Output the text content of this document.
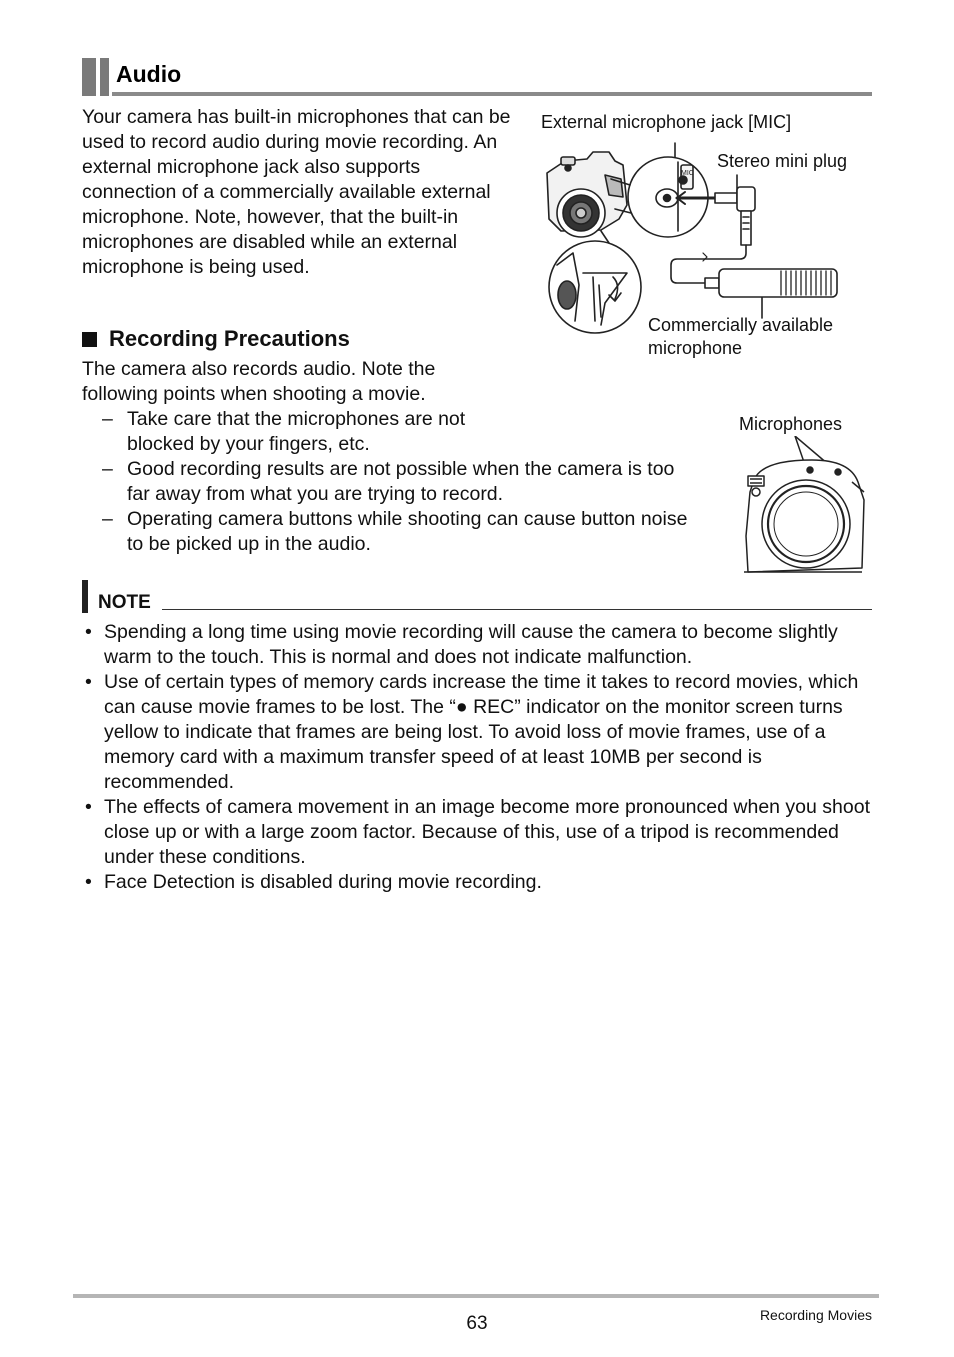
Audio

Your camera has built-in microphones that can be used to record audio during movie recording. An external microphone jack also supports connection of a commercially available external microphone. Note, however, that the built-in microphones are disabled while an external microphone is being used.

External microphone jack [MIC]
Stereo mini plug
Commercially available
microphone
MIC
Recording Precautions

The camera also records audio. Note the following points when shooting a movie.

– Take care that the microphones are not blocked by your fingers, etc.
– Good recording results are not possible when the camera is too far away from what you are trying to record.
– Operating camera buttons while shooting can cause button noise to be picked up in the audio.
Microphones
NOTE
• Spending a long time using movie recording will cause the camera to become slightly warm to the touch. This is normal and does not indicate malfunction.
• Use of certain types of memory cards increase the time it takes to record movies, which can cause movie frames to be lost. The “● REC” indicator on the monitor screen turns yellow to indicate that frames are being lost. To avoid loss of movie frames, use of a memory card with a maximum transfer speed of at least 10MB per second is recommended.
• The effects of camera movement in an image become more pronounced when you shoot close up or with a large zoom factor. Because of this, use of a tripod is recommended under these conditions.
• Face Detection is disabled during movie recording.
63	Recording Movies
